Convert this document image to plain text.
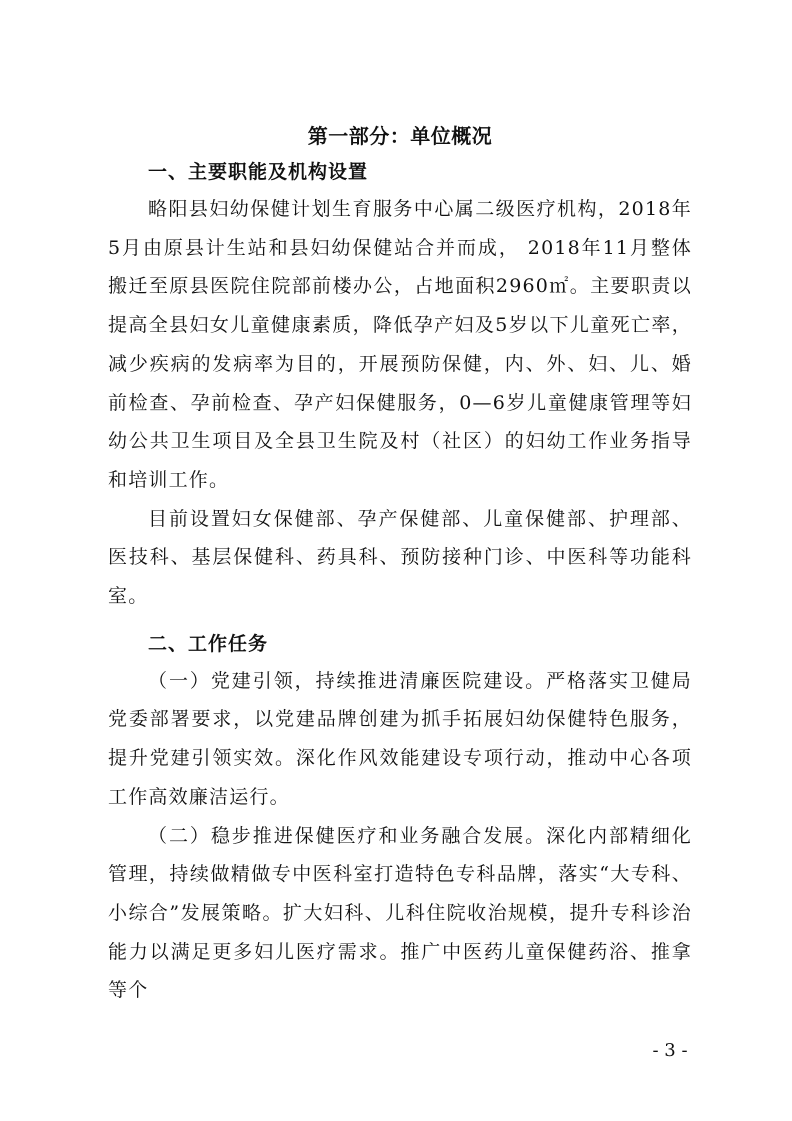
第一部分：单位概况
一、主要职能及机构设置

略阳县妇幼保健计划生育服务中心属二级医疗机构，2018年5月由原县计生站和县妇幼保健站合并而成， 2018年11月整体搬迁至原县医院住院部前楼办公，占地面积2960㎡。主要职责以提高全县妇女儿童健康素质，降低孕产妇及5岁以下儿童死亡率，减少疾病的发病率为目的，开展预防保健，内、外、妇、儿、婚前检查、孕前检查、孕产妇保健服务，0—6岁儿童健康管理等妇幼公共卫生项目及全县卫生院及村（社区）的妇幼工作业务指导和培训工作。

目前设置妇女保健部、孕产保健部、儿童保健部、护理部、医技科、基层保健科、药具科、预防接种门诊、中医科等功能科室。

二、工作任务

（一）党建引领，持续推进清廉医院建设。严格落实卫健局党委部署要求，以党建品牌创建为抓手拓展妇幼保健特色服务，提升党建引领实效。深化作风效能建设专项行动，推动中心各项工作高效廉洁运行。

（二）稳步推进保健医疗和业务融合发展。深化内部精细化管理，持续做精做专中医科室打造特色专科品牌，落实“大专科、小综合”发展策略。扩大妇科、儿科住院收治规模，提升专科诊治能力以满足更多妇儿医疗需求。推广中医药儿童保健药浴、推拿等个

- 3 -
